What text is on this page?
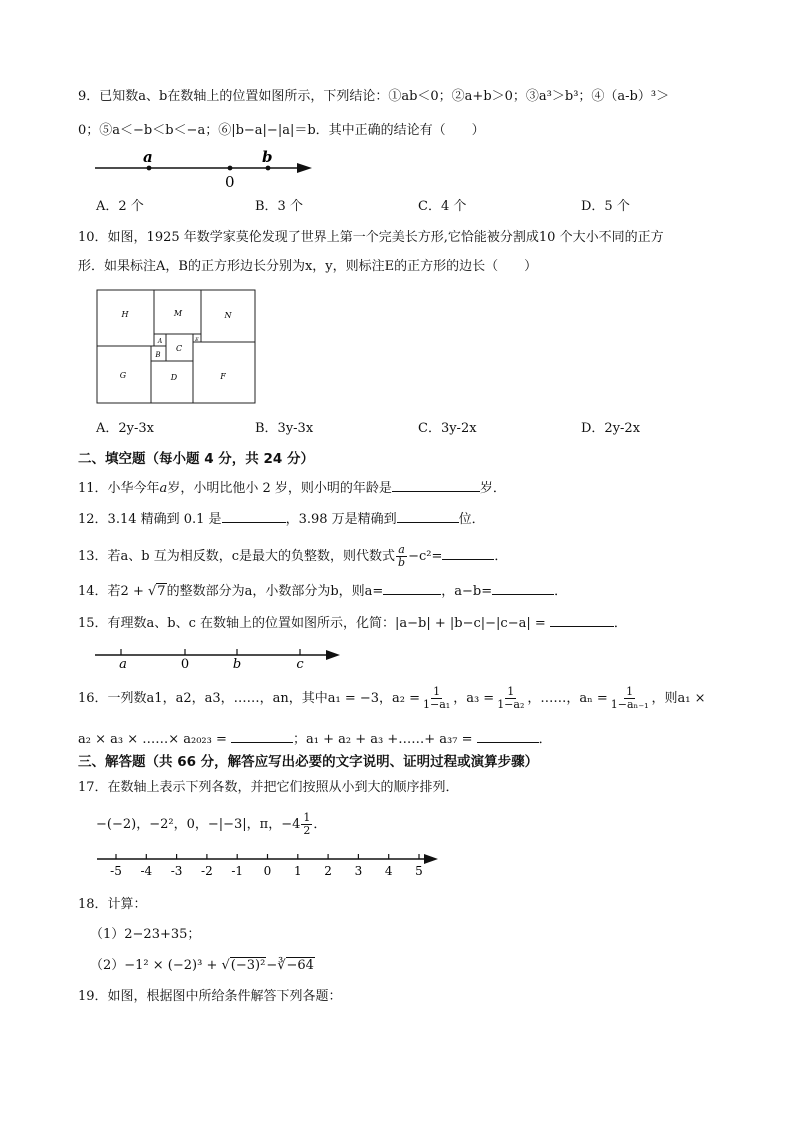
9．已知数a、b在数轴上的位置如图所示，下列结论：①ab＜0；②a+b＞0；③a³＞b³；④（a-b）³＞
0；⑤a＜−b＜b＜−a；⑥|b−a|−|a|＝b．其中正确的结论有（　　）
a
0
b
A．2 个	B．3 个	C．4 个	D．5 个
10．如图，1925 年数学家莫伦发现了世界上第一个完美长方形,它恰能被分割成10 个大小不同的正方
形．如果标注A，B的正方形边长分别为x，y，则标注E的正方形的边长（　　）
H	M	N
A	E
B
C
G	D	F
A．2y-3x	B．3y-3x	C．3y-2x	D．2y-2x
二、填空题（每小题 4 分，共 24 分）
11．小华今年a岁，小明比他小 2 岁，则小明的年龄是	岁．
12．3.14 精确到 0.1 是	，3.98 万是精确到	位．
13．若a、b 互为相反数，c是最大的负整数，则代数式 $\frac{a}{b} -c^2=$	．
14．若2 + √7的整数部分为a，小数部分为b，则a=	，a−b=	．
15．有理数a、b、c 在数轴上的位置如图所示，化简：|a−b| + |b−c|−|c−a| =	．
a	0	b	c
16．一列数a1，a2，a3，……，an，其中a₁ = −3，$a_2 = \frac{1}{\text{1−a₁}}$ ，$a_3 = \frac{1}{\text{1−a₂}}$ ，……，$a_n = \frac{1}{\text{1−aₙ₋₁}}$ ，则a₁ ×
a₂ × a₃ × ……× a₂₀₂₃ =	；a₁ + a₂ + a₃ +……+ a₃₇ =	．
三、解答题（共 66 分，解答应写出必要的文字说明、证明过程或演算步骤）
17．在数轴上表示下列各数，并把它们按照从小到大的顺序排列．
−(−2)，−2²，0，−|−3|，π，$-4 \frac{1}{2}$ ．
-5 -4 -3 -2 -1 0 1 2 3 4 5
18．计算：
（1）2−23+35；
（2）−1² × (−2)³ + √(−3)²−∛−64
19．如图，根据图中所给条件解答下列各题：
